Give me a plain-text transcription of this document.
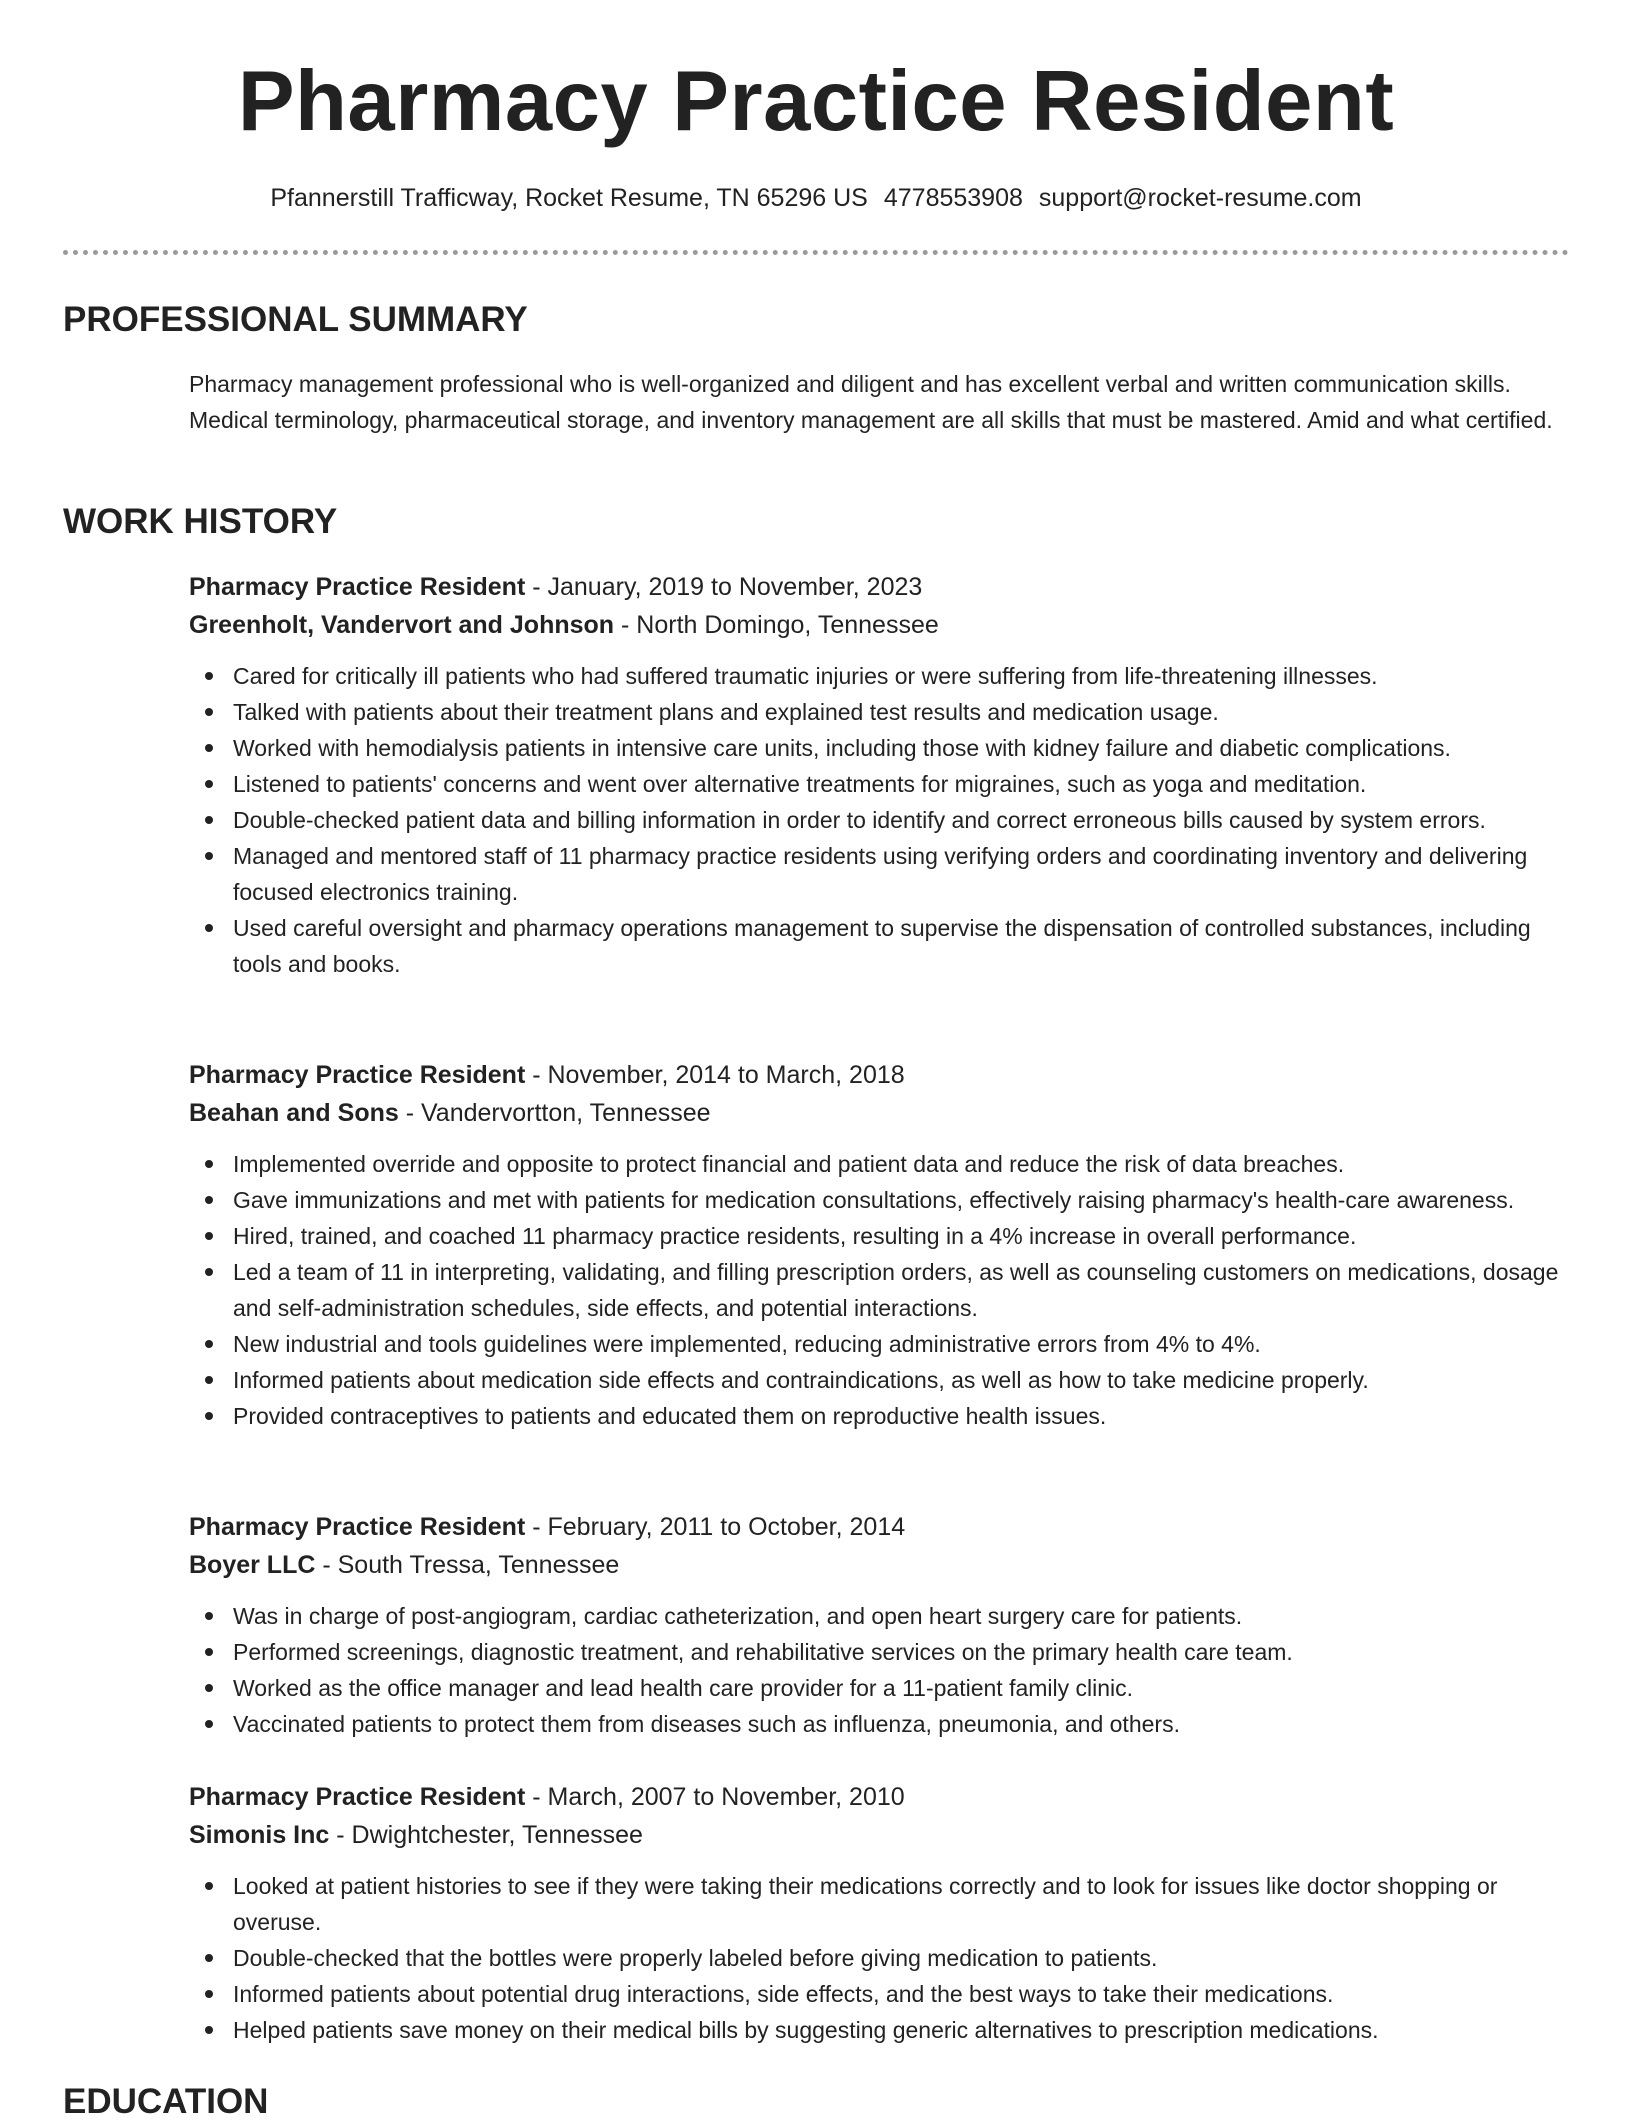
Pharmacy Practice Resident
Pfannerstill Trafficway, Rocket Resume, TN 65296 US 4778553908 support@rocket-resume.com
PROFESSIONAL SUMMARY
Pharmacy management professional who is well-organized and diligent and has excellent verbal and written communication skills. Medical terminology, pharmaceutical storage, and inventory management are all skills that must be mastered. Amid and what certified.
WORK HISTORY
Pharmacy Practice Resident - January, 2019 to November, 2023
Greenholt, Vandervort and Johnson - North Domingo, Tennessee
Cared for critically ill patients who had suffered traumatic injuries or were suffering from life-threatening illnesses.
Talked with patients about their treatment plans and explained test results and medication usage.
Worked with hemodialysis patients in intensive care units, including those with kidney failure and diabetic complications.
Listened to patients' concerns and went over alternative treatments for migraines, such as yoga and meditation.
Double-checked patient data and billing information in order to identify and correct erroneous bills caused by system errors.
Managed and mentored staff of 11 pharmacy practice residents using verifying orders and coordinating inventory and delivering focused electronics training.
Used careful oversight and pharmacy operations management to supervise the dispensation of controlled substances, including tools and books.
Pharmacy Practice Resident - November, 2014 to March, 2018
Beahan and Sons - Vandervortton, Tennessee
Implemented override and opposite to protect financial and patient data and reduce the risk of data breaches.
Gave immunizations and met with patients for medication consultations, effectively raising pharmacy's health-care awareness.
Hired, trained, and coached 11 pharmacy practice residents, resulting in a 4% increase in overall performance.
Led a team of 11 in interpreting, validating, and filling prescription orders, as well as counseling customers on medications, dosage and self-administration schedules, side effects, and potential interactions.
New industrial and tools guidelines were implemented, reducing administrative errors from 4% to 4%.
Informed patients about medication side effects and contraindications, as well as how to take medicine properly.
Provided contraceptives to patients and educated them on reproductive health issues.
Pharmacy Practice Resident - February, 2011 to October, 2014
Boyer LLC - South Tressa, Tennessee
Was in charge of post-angiogram, cardiac catheterization, and open heart surgery care for patients.
Performed screenings, diagnostic treatment, and rehabilitative services on the primary health care team.
Worked as the office manager and lead health care provider for a 11-patient family clinic.
Vaccinated patients to protect them from diseases such as influenza, pneumonia, and others.
Pharmacy Practice Resident - March, 2007 to November, 2010
Simonis Inc - Dwightchester, Tennessee
Looked at patient histories to see if they were taking their medications correctly and to look for issues like doctor shopping or overuse.
Double-checked that the bottles were properly labeled before giving medication to patients.
Informed patients about potential drug interactions, side effects, and the best ways to take their medications.
Helped patients save money on their medical bills by suggesting generic alternatives to prescription medications.
EDUCATION
